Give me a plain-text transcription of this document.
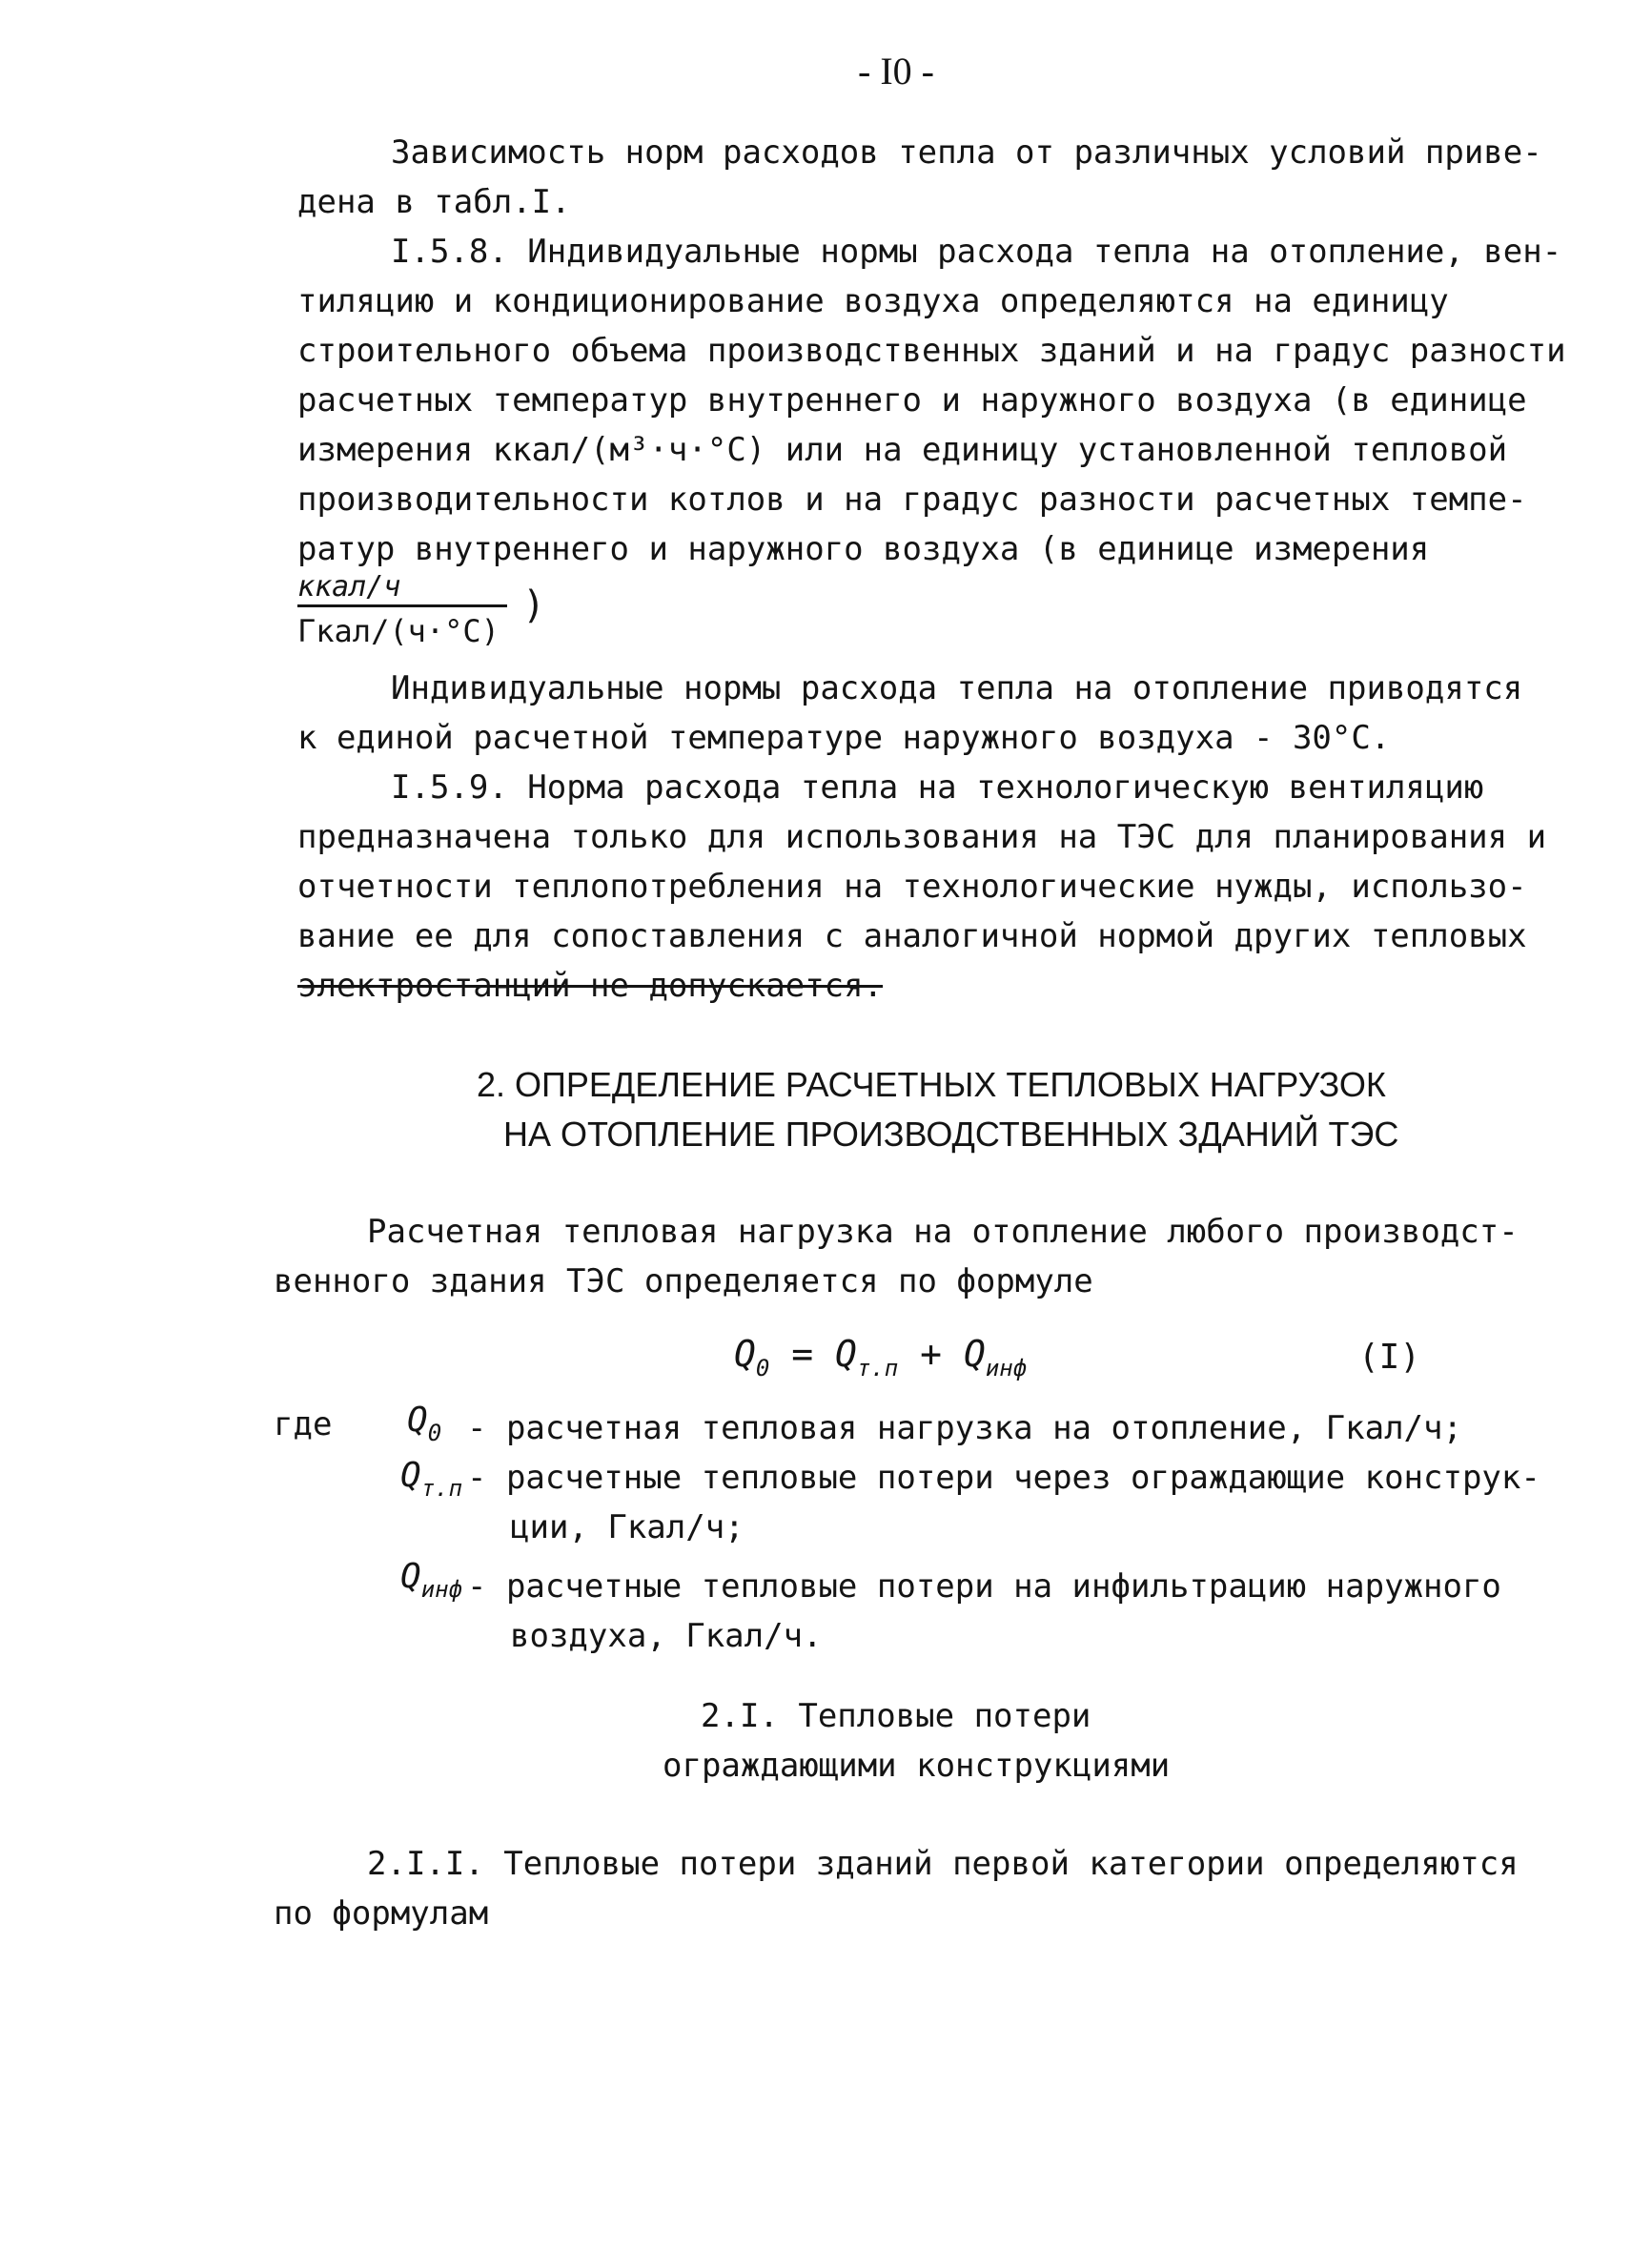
- I0 -
Зависимость норм расходов тепла от различных условий приве-
дена в табл.I.
I.5.8. Индивидуальные нормы расхода тепла на отопление, вен-
тиляцию и кондиционирование воздуха определяются на единицу
строительного объема производственных зданий и на градус разности
расчетных температур внутреннего и наружного воздуха (в единице
измерения ккал/(м³·ч·°С) или на единицу установленной тепловой
производительности котлов и на градус разности расчетных темпе-
ратур внутреннего и наружного воздуха (в единице измерения
ккал/ч
Гкал/(ч·°С)
)
Индивидуальные нормы расхода тепла на отопление приводятся
к единой расчетной температуре наружного воздуха - 30°С.
I.5.9. Норма расхода тепла на технологическую вентиляцию
предназначена только для использования на ТЭС для планирования и
отчетности теплопотребления на технологические нужды, использо-
вание ее для сопоставления с аналогичной нормой других тепловых
электростанций не допускается.
2. ОПРЕДЕЛЕНИЕ РАСЧЕТНЫХ ТЕПЛОВЫХ НАГРУЗОК
НА ОТОПЛЕНИЕ ПРОИЗВОДСТВЕННЫХ ЗДАНИЙ ТЭС
Расчетная тепловая нагрузка на отопление любого производст-
венного здания ТЭС определяется по формуле
$Q_0 = Q_{т.п} + Q_{инф}$	(I)
где $Q_0$ - расчетная тепловая нагрузка на отопление, Гкал/ч;
$Q_{т.п}$ - расчетные тепловые потери через ограждающие конструк-
ции, Гкал/ч;
$Q_{инф}$ - расчетные тепловые потери на инфильтрацию наружного
воздуха, Гкал/ч.
2.I. Тепловые потери
ограждающими конструкциями
2.I.I. Тепловые потери зданий первой категории определяются
по формулам
